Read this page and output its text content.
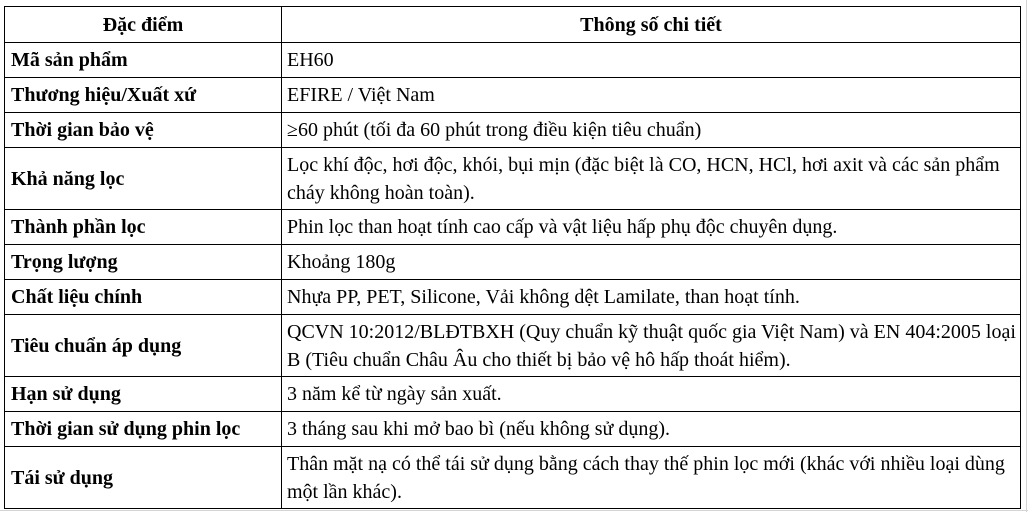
Đặc điểm	Thông số chi tiết
Mã sản phẩm	EH60
Thương hiệu/Xuất xứ	EFIRE / Việt Nam
Thời gian bảo vệ	≥60 phút (tối đa 60 phút trong điều kiện tiêu chuẩn)
Khả năng lọc	Lọc khí độc, hơi độc, khói, bụi mịn (đặc biệt là CO, HCN, HCl, hơi axit và các sản phẩm cháy không hoàn toàn).
Thành phần lọc	Phin lọc than hoạt tính cao cấp và vật liệu hấp phụ độc chuyên dụng.
Trọng lượng	Khoảng 180g
Chất liệu chính	Nhựa PP, PET, Silicone, Vải không dệt Lamilate, than hoạt tính.
Tiêu chuẩn áp dụng	QCVN 10:2012/BLĐTBXH (Quy chuẩn kỹ thuật quốc gia Việt Nam) và EN 404:2005 loại B (Tiêu chuẩn Châu Âu cho thiết bị bảo vệ hô hấp thoát hiểm).
Hạn sử dụng	3 năm kể từ ngày sản xuất.
Thời gian sử dụng phin lọc	3 tháng sau khi mở bao bì (nếu không sử dụng).
Tái sử dụng	Thân mặt nạ có thể tái sử dụng bằng cách thay thế phin lọc mới (khác với nhiều loại dùng một lần khác).
